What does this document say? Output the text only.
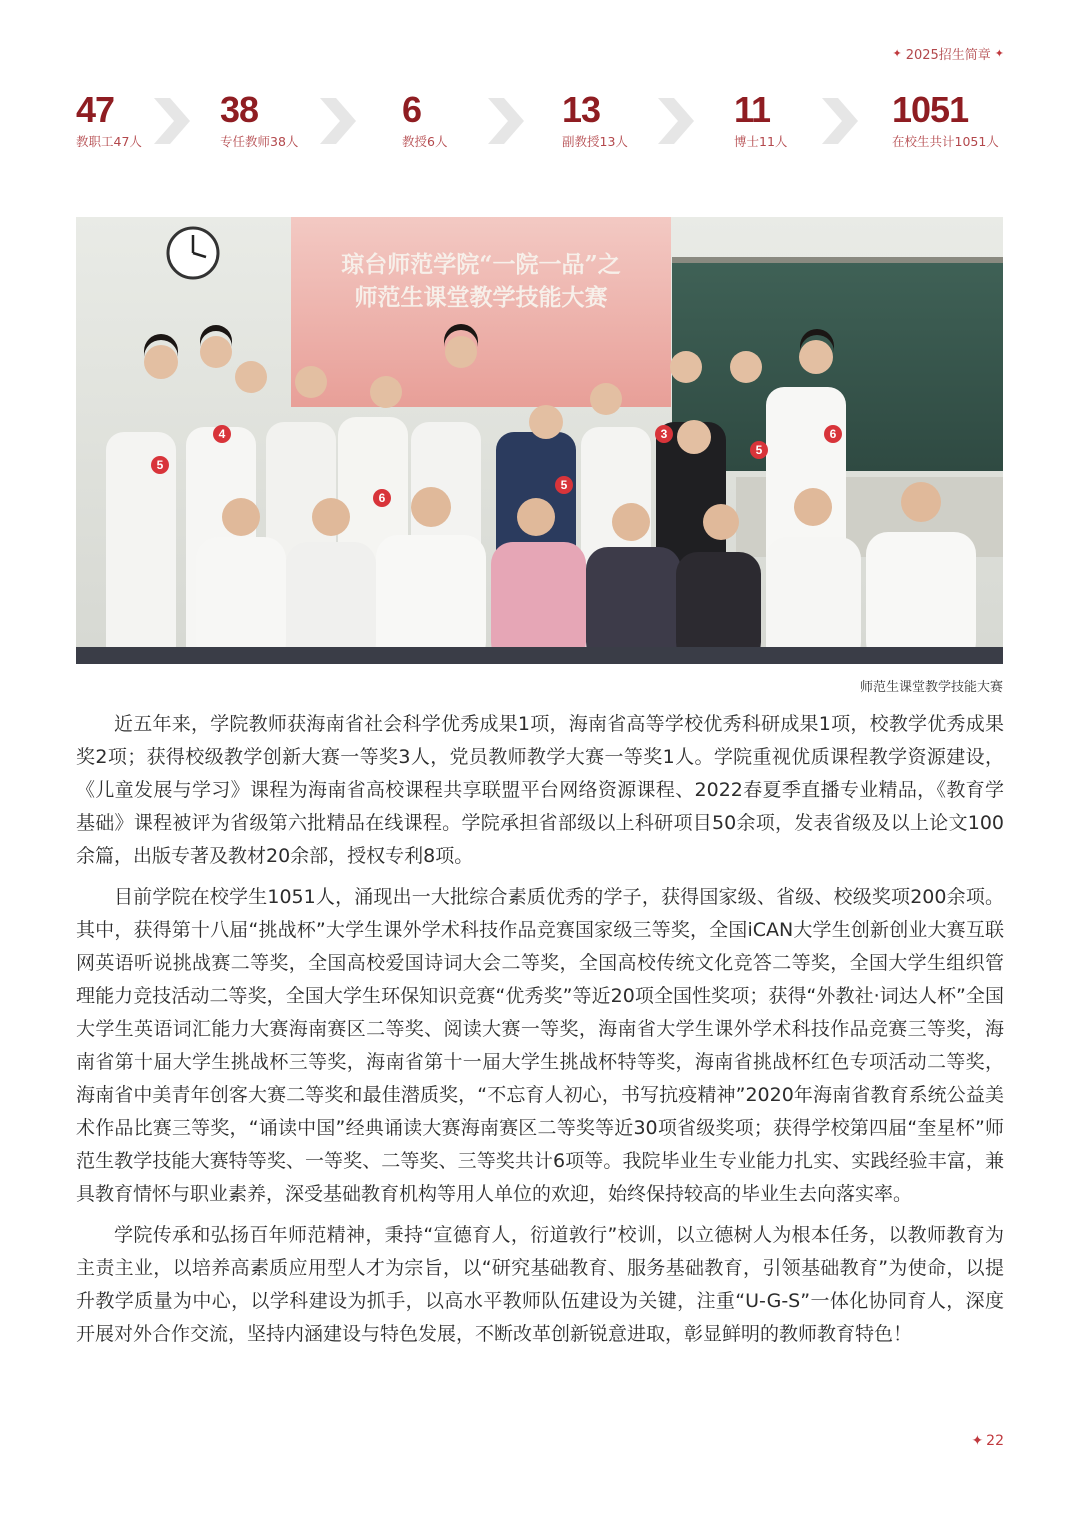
✦ 2025招生简章 ✦
47
教职工47人
38
专任教师38人
6
教授6人
13
副教授13人
11
博士11人
1051
在校生共计1051人
琼台师范学院“一院一品”之
师范生课堂教学技能大赛
4
5
6
5
3
5
6
师范生课堂教学技能大赛

近五年来，学院教师获海南省社会科学优秀成果1项，海南省高等学校优秀科研成果1项，校教学优秀成果奖2项；获得校级教学创新大赛一等奖3人，党员教师教学大赛一等奖1人。学院重视优质课程教学资源建设，《儿童发展与学习》课程为海南省高校课程共享联盟平台网络资源课程、2022春夏季直播专业精品，《教育学基础》课程被评为省级第六批精品在线课程。学院承担省部级以上科研项目50余项，发表省级及以上论文100余篇，出版专著及教材20余部，授权专利8项。

目前学院在校学生1051人，涌现出一大批综合素质优秀的学子，获得国家级、省级、校级奖项200余项。其中，获得第十八届“挑战杯”大学生课外学术科技作品竞赛国家级三等奖，全国iCAN大学生创新创业大赛互联网英语听说挑战赛二等奖，全国高校爱国诗词大会二等奖，全国高校传统文化竞答二等奖，全国大学生组织管理能力竞技活动二等奖，全国大学生环保知识竞赛“优秀奖”等近20项全国性奖项；获得“外教社·词达人杯”全国大学生英语词汇能力大赛海南赛区二等奖、阅读大赛一等奖，海南省大学生课外学术科技作品竞赛三等奖，海南省第十届大学生挑战杯三等奖，海南省第十一届大学生挑战杯特等奖，海南省挑战杯红色专项活动二等奖，海南省中美青年创客大赛二等奖和最佳潜质奖，“不忘育人初心，书写抗疫精神”2020年海南省教育系统公益美术作品比赛三等奖，“诵读中国”经典诵读大赛海南赛区二等奖等近30项省级奖项；获得学校第四届“奎星杯”师范生教学技能大赛特等奖、一等奖、二等奖、三等奖共计6项等。我院毕业生专业能力扎实、实践经验丰富，兼具教育情怀与职业素养，深受基础教育机构等用人单位的欢迎，始终保持较高的毕业生去向落实率。

学院传承和弘扬百年师范精神，秉持“宣德育人，衍道敦行”校训，以立德树人为根本任务，以教师教育为主责主业，以培养高素质应用型人才为宗旨，以“研究基础教育、服务基础教育，引领基础教育”为使命，以提升教学质量为中心，以学科建设为抓手，以高水平教师队伍建设为关键，注重“U-G-S”一体化协同育人，深度开展对外合作交流，坚持内涵建设与特色发展，不断改革创新锐意进取，彰显鲜明的教师教育特色！

✦ 22
